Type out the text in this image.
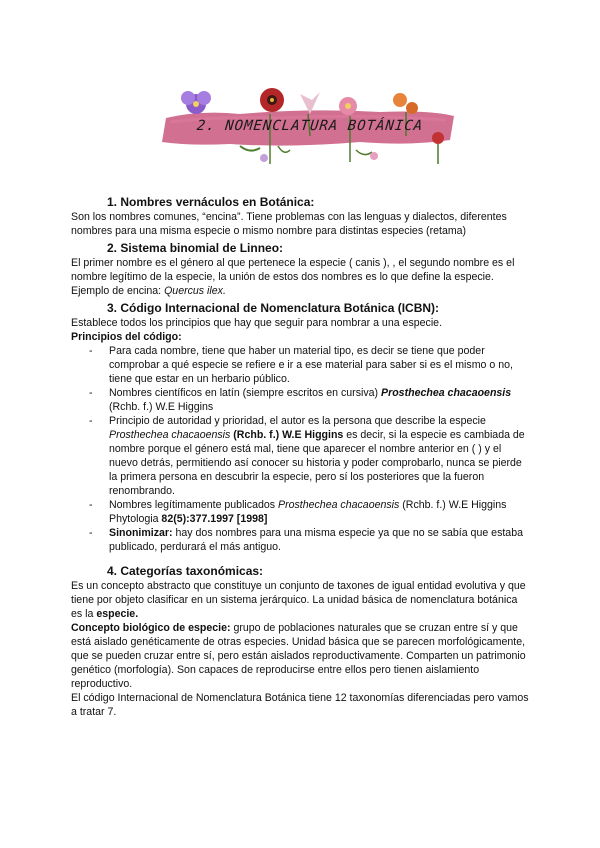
2. NOMENCLATURA BOTÁNICA
1. Nombres vernáculos en Botánica:

Son los nombres comunes, “encina”. Tiene problemas con las lenguas y dialectos, diferentes nombres para una misma especie o mismo nombre para distintas especies (retama)

2. Sistema binomial de Linneo:

El primer nombre es el género al que pertenece la especie ( canis ), , el segundo nombre es el nombre legítimo de la especie, la unión de estos dos nombres es lo que define la especie.

Ejemplo de encina: Quercus ilex.

3. Código Internacional de Nomenclatura Botánica (ICBN):

Establece todos los principios que hay que seguir para nombrar a una especie.

Principios del código:

- Para cada nombre, tiene que haber un material tipo, es decir se tiene que poder comprobar a qué especie se refiere e ir a ese material para saber si es el mismo o no, tiene que estar en un herbario público.
- Nombres científicos en latín (siempre escritos en cursiva) Prosthechea chacaoensis (Rchb. f.) W.E Higgins
- Principio de autoridad y prioridad, el autor es la persona que describe la especie Prosthechea chacaoensis (Rchb. f.) W.E Higgins es decir, si la especie es cambiada de nombre porque el género está mal, tiene que aparecer el nombre anterior en ( ) y el nuevo detrás, permitiendo así conocer su historia y poder comprobarlo, nunca se pierde la primera persona en descubrir la especie, pero sí los posteriores que la fueron renombrando.
- Nombres legítimamente publicados Prosthechea chacaoensis (Rchb. f.) W.E Higgins Phytologia 82(5):377.1997 [1998]
- Sinonimizar: hay dos nombres para una misma especie ya que no se sabía que estaba publicado, perdurará el más antiguo.
4. Categorías taxonómicas:

Es un concepto abstracto que constituye un conjunto de taxones de igual entidad evolutiva y que tiene por objeto clasificar en un sistema jerárquico. La unidad básica de nomenclatura botánica es la especie.

Concepto biológico de especie: grupo de poblaciones naturales que se cruzan entre sí y que está aislado genéticamente de otras especies. Unidad básica que se parecen morfológicamente, que se pueden cruzar entre sí, pero están aislados reproductivamente. Comparten un patrimonio genético (morfología). Son capaces de reproducirse entre ellos pero tienen aislamiento reproductivo.

El código Internacional de Nomenclatura Botánica tiene 12 taxonomías diferenciadas pero vamos a tratar 7.
